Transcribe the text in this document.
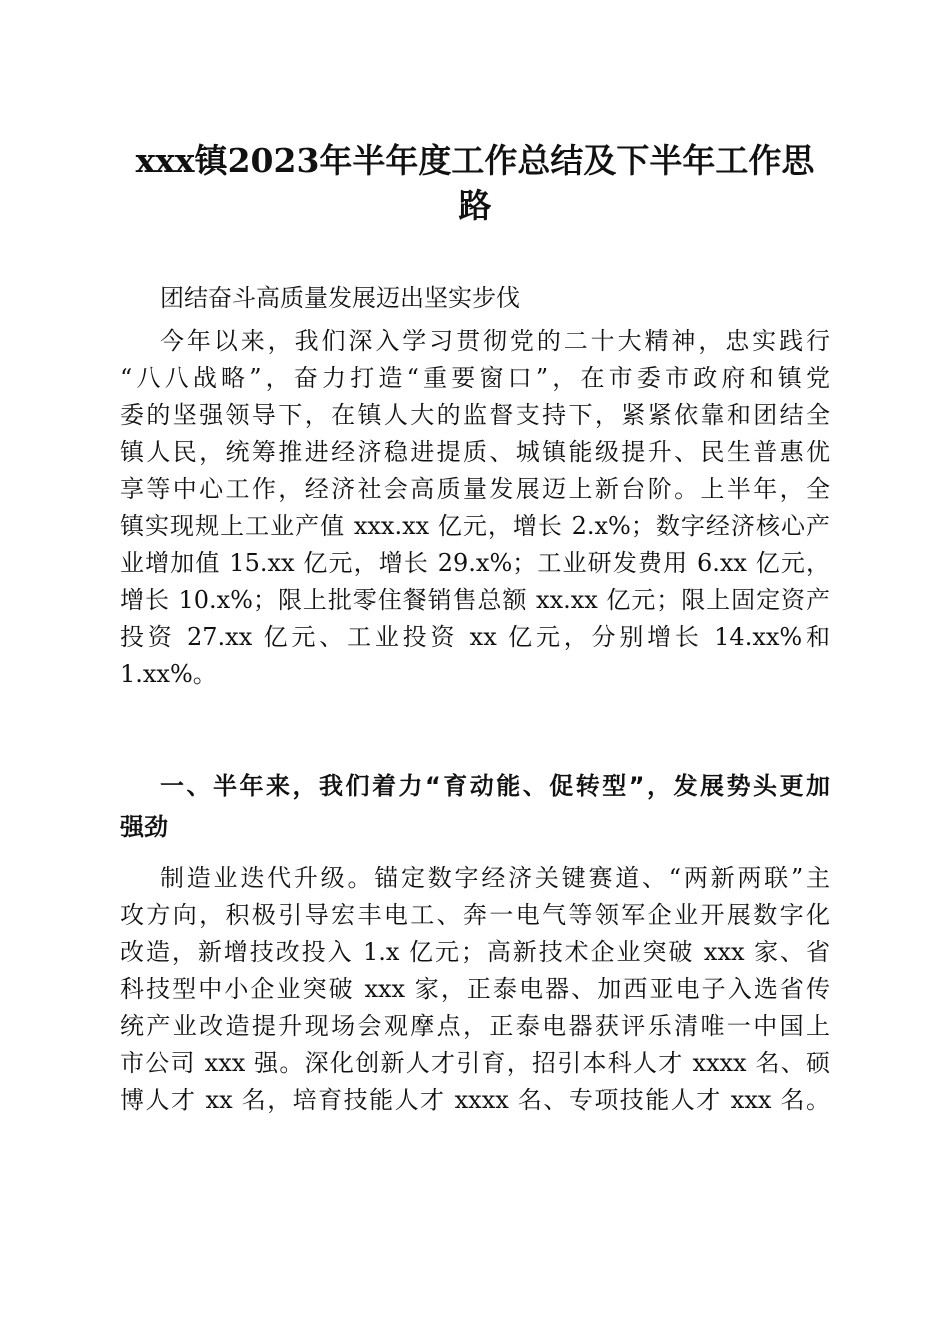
xxx镇2023年半年度工作总结及下半年工作思
路
团结奋斗高质量发展迈出坚实步伐
今年以来，我们深入学习贯彻党的二十大精神，忠实践行
“八八战略”，奋力打造“重要窗口”，在市委市政府和镇党
委的坚强领导下，在镇人大的监督支持下，紧紧依靠和团结全
镇人民，统筹推进经济稳进提质、城镇能级提升、民生普惠优
享等中心工作，经济社会高质量发展迈上新台阶。上半年，全
镇实现规上工业产值 xxx.xx 亿元，增长 2.x%；数字经济核心产
业增加值 15.xx 亿元，增长 29.x%；工业研发费用 6.xx 亿元，
增长 10.x%；限上批零住餐销售总额 xx.xx 亿元；限上固定资产
投资 27.xx 亿元、工业投资 xx 亿元，分别增长 14.xx%和
1.xx%。
一、半年来，我们着力“育动能、促转型”，发展势头更加
强劲
制造业迭代升级。锚定数字经济关键赛道、“两新两联”主
攻方向，积极引导宏丰电工、奔一电气等领军企业开展数字化
改造，新增技改投入 1.x 亿元；高新技术企业突破 xxx 家、省
科技型中小企业突破 xxx 家，正泰电器、加西亚电子入选省传
统产业改造提升现场会观摩点，正泰电器获评乐清唯一中国上
市公司 xxx 强。深化创新人才引育，招引本科人才 xxxx 名、硕
博人才 xx 名，培育技能人才 xxxx 名、专项技能人才 xxx 名。
